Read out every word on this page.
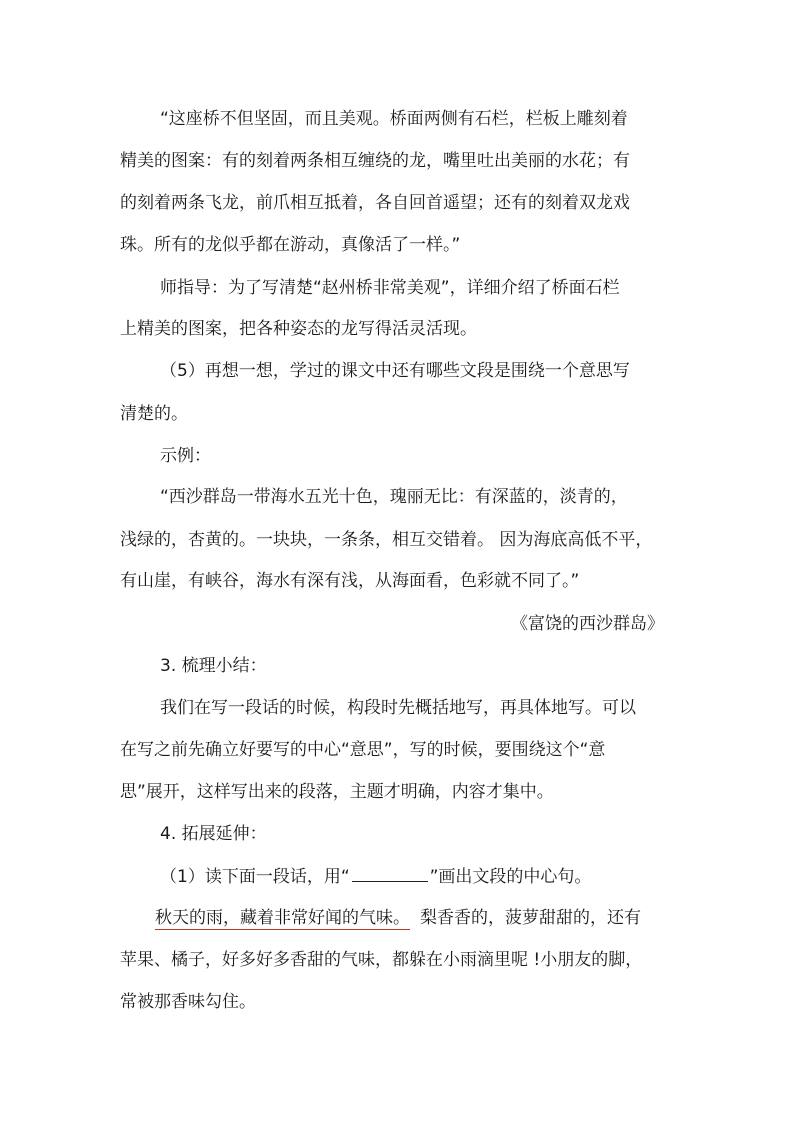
“这座桥不但坚固，而且美观。桥面两侧有石栏，栏板上雕刻着
精美的图案：有的刻着两条相互缠绕的龙，嘴里吐出美丽的水花；有
的刻着两条飞龙，前爪相互抵着，各自回首遥望；还有的刻着双龙戏
珠。所有的龙似乎都在游动，真像活了一样。”
师指导：为了写清楚“赵州桥非常美观”，详细介绍了桥面石栏
上精美的图案，把各种姿态的龙写得活灵活现。
（5）再想一想，学过的课文中还有哪些文段是围绕一个意思写
清楚的。
示例：
“西沙群岛一带海水五光十色，瑰丽无比：有深蓝的，淡青的，
浅绿的，杏黄的。一块块，一条条，相互交错着。 因为海底高低不平，
有山崖，有峡谷，海水有深有浅，从海面看，色彩就不同了。”
《富饶的西沙群岛》
3. 梳理小结：
我们在写一段话的时候，构段时先概括地写，再具体地写。可以
在写之前先确立好要写的中心“意思”，写的时候，要围绕这个“意
思”展开，这样写出来的段落，主题才明确，内容才集中。
4. 拓展延伸：
（1）读下面一段话，用“	”画出文段的中心句。
秋天的雨，藏着非常好闻的气味。 梨香香的，菠萝甜甜的，还有
苹果、橘子，好多好多香甜的气味，都躲在小雨滴里呢 !小朋友的脚，
常被那香味勾住。
